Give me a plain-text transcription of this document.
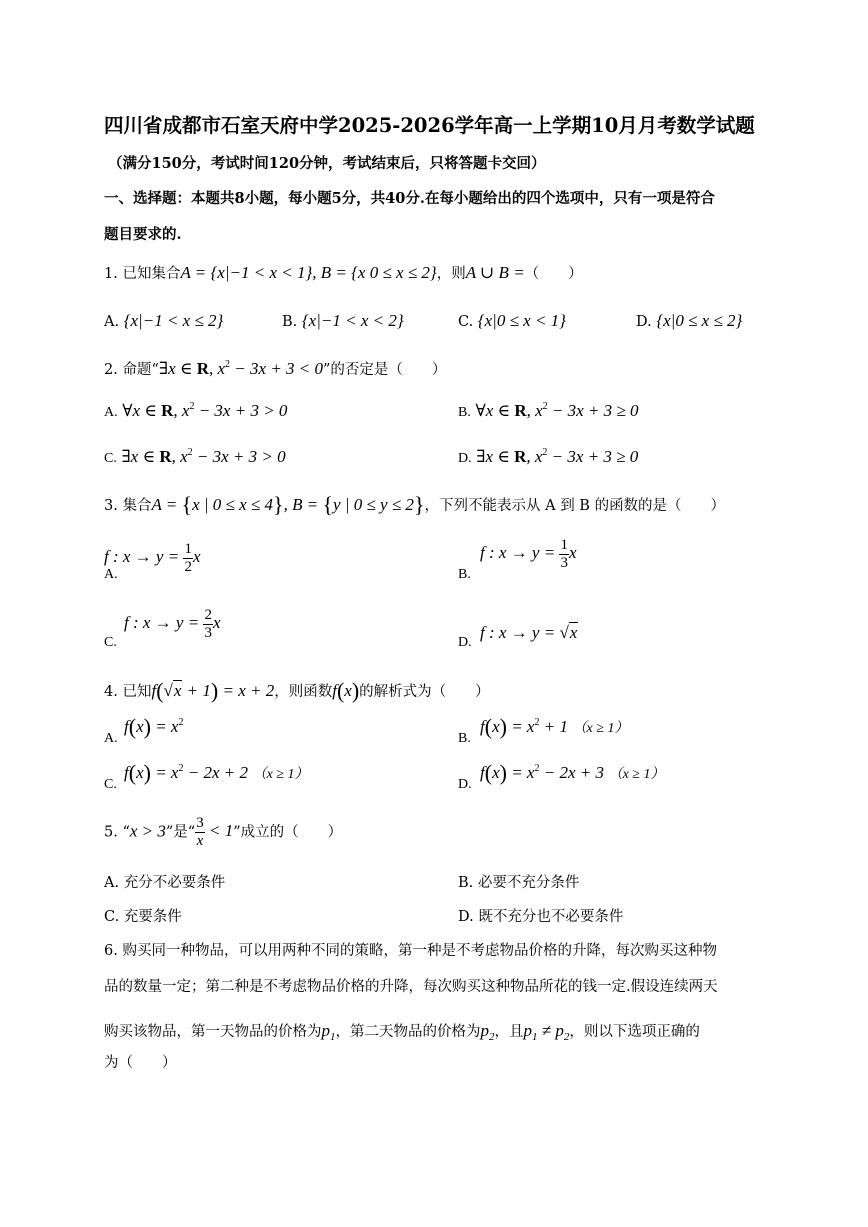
四川省成都市石室天府中学2025-2026学年高一上学期10月月考数学试题
（满分150分，考试时间120分钟，考试结束后，只将答题卡交回）
一、选择题：本题共8小题，每小题5分，共40分.在每小题给出的四个选项中，只有一项是符合
题目要求的.
1. 已知集合A = {x|−1 < x < 1}, B = {x 0 ≤ x ≤ 2}，则A ∪ B =（　　）
A. {x|−1 < x ≤ 2}	B. {x|−1 < x < 2}	C. {x|0 ≤ x < 1}	D. {x|0 ≤ x ≤ 2}
2. 命题“∃x ∈ R, $x^2 - 3x + 3 < 0$”的否定是（　　）
A. ∀x ∈ R, $x^2 - 3x + 3 > 0$	B. ∀x ∈ R, $x^2 - 3x + 3 \ge 0$
C. ∃x ∈ R, $x^2 - 3x + 3 > 0$	D. ∃x ∈ R, $x^2 - 3x + 3 \ge 0$
3. 集合A = {x | 0 ≤ x ≤ 4}, B = {y | 0 ≤ y ≤ 2}，下列不能表示从 A 到 B 的函数的是（　　）
f : $x \to y = \frac{1}{2}$ x
A.
f : $x \to y = \frac{1}{3}$ x
B.
f : $x \to y = \frac{2}{3}$ x
C.
f : x → y = √x
D.
4. 已知f(√x + 1) = x + 2，则函数f(x)的解析式为（　　）
A.
$f(x) = x^2$
B.
$f(x) = x^2 + 1$ （x ≥ 1）
C.
$f(x) = x^2 - 2x + 2$ （x ≥ 1）
D.
$f(x) = x^2 - 2x + 3$ （x ≥ 1）
5. “x > 3”是“ $\frac{3}{x} < 1$”成立的（　　）
A. 充分不必要条件	B. 必要不充分条件
C. 充要条件	D. 既不充分也不必要条件
6. 购买同一种物品，可以用两种不同的策略，第一种是不考虑物品价格的升降，每次购买这种物
品的数量一定；第二种是不考虑物品价格的升降，每次购买这种物品所花的钱一定.假设连续两天
购买该物品，第一天物品的价格为$p_1$，第二天物品的价格为$p_2$，且$p_1 \ne p_2$，则以下选项正确的
为（　　）
